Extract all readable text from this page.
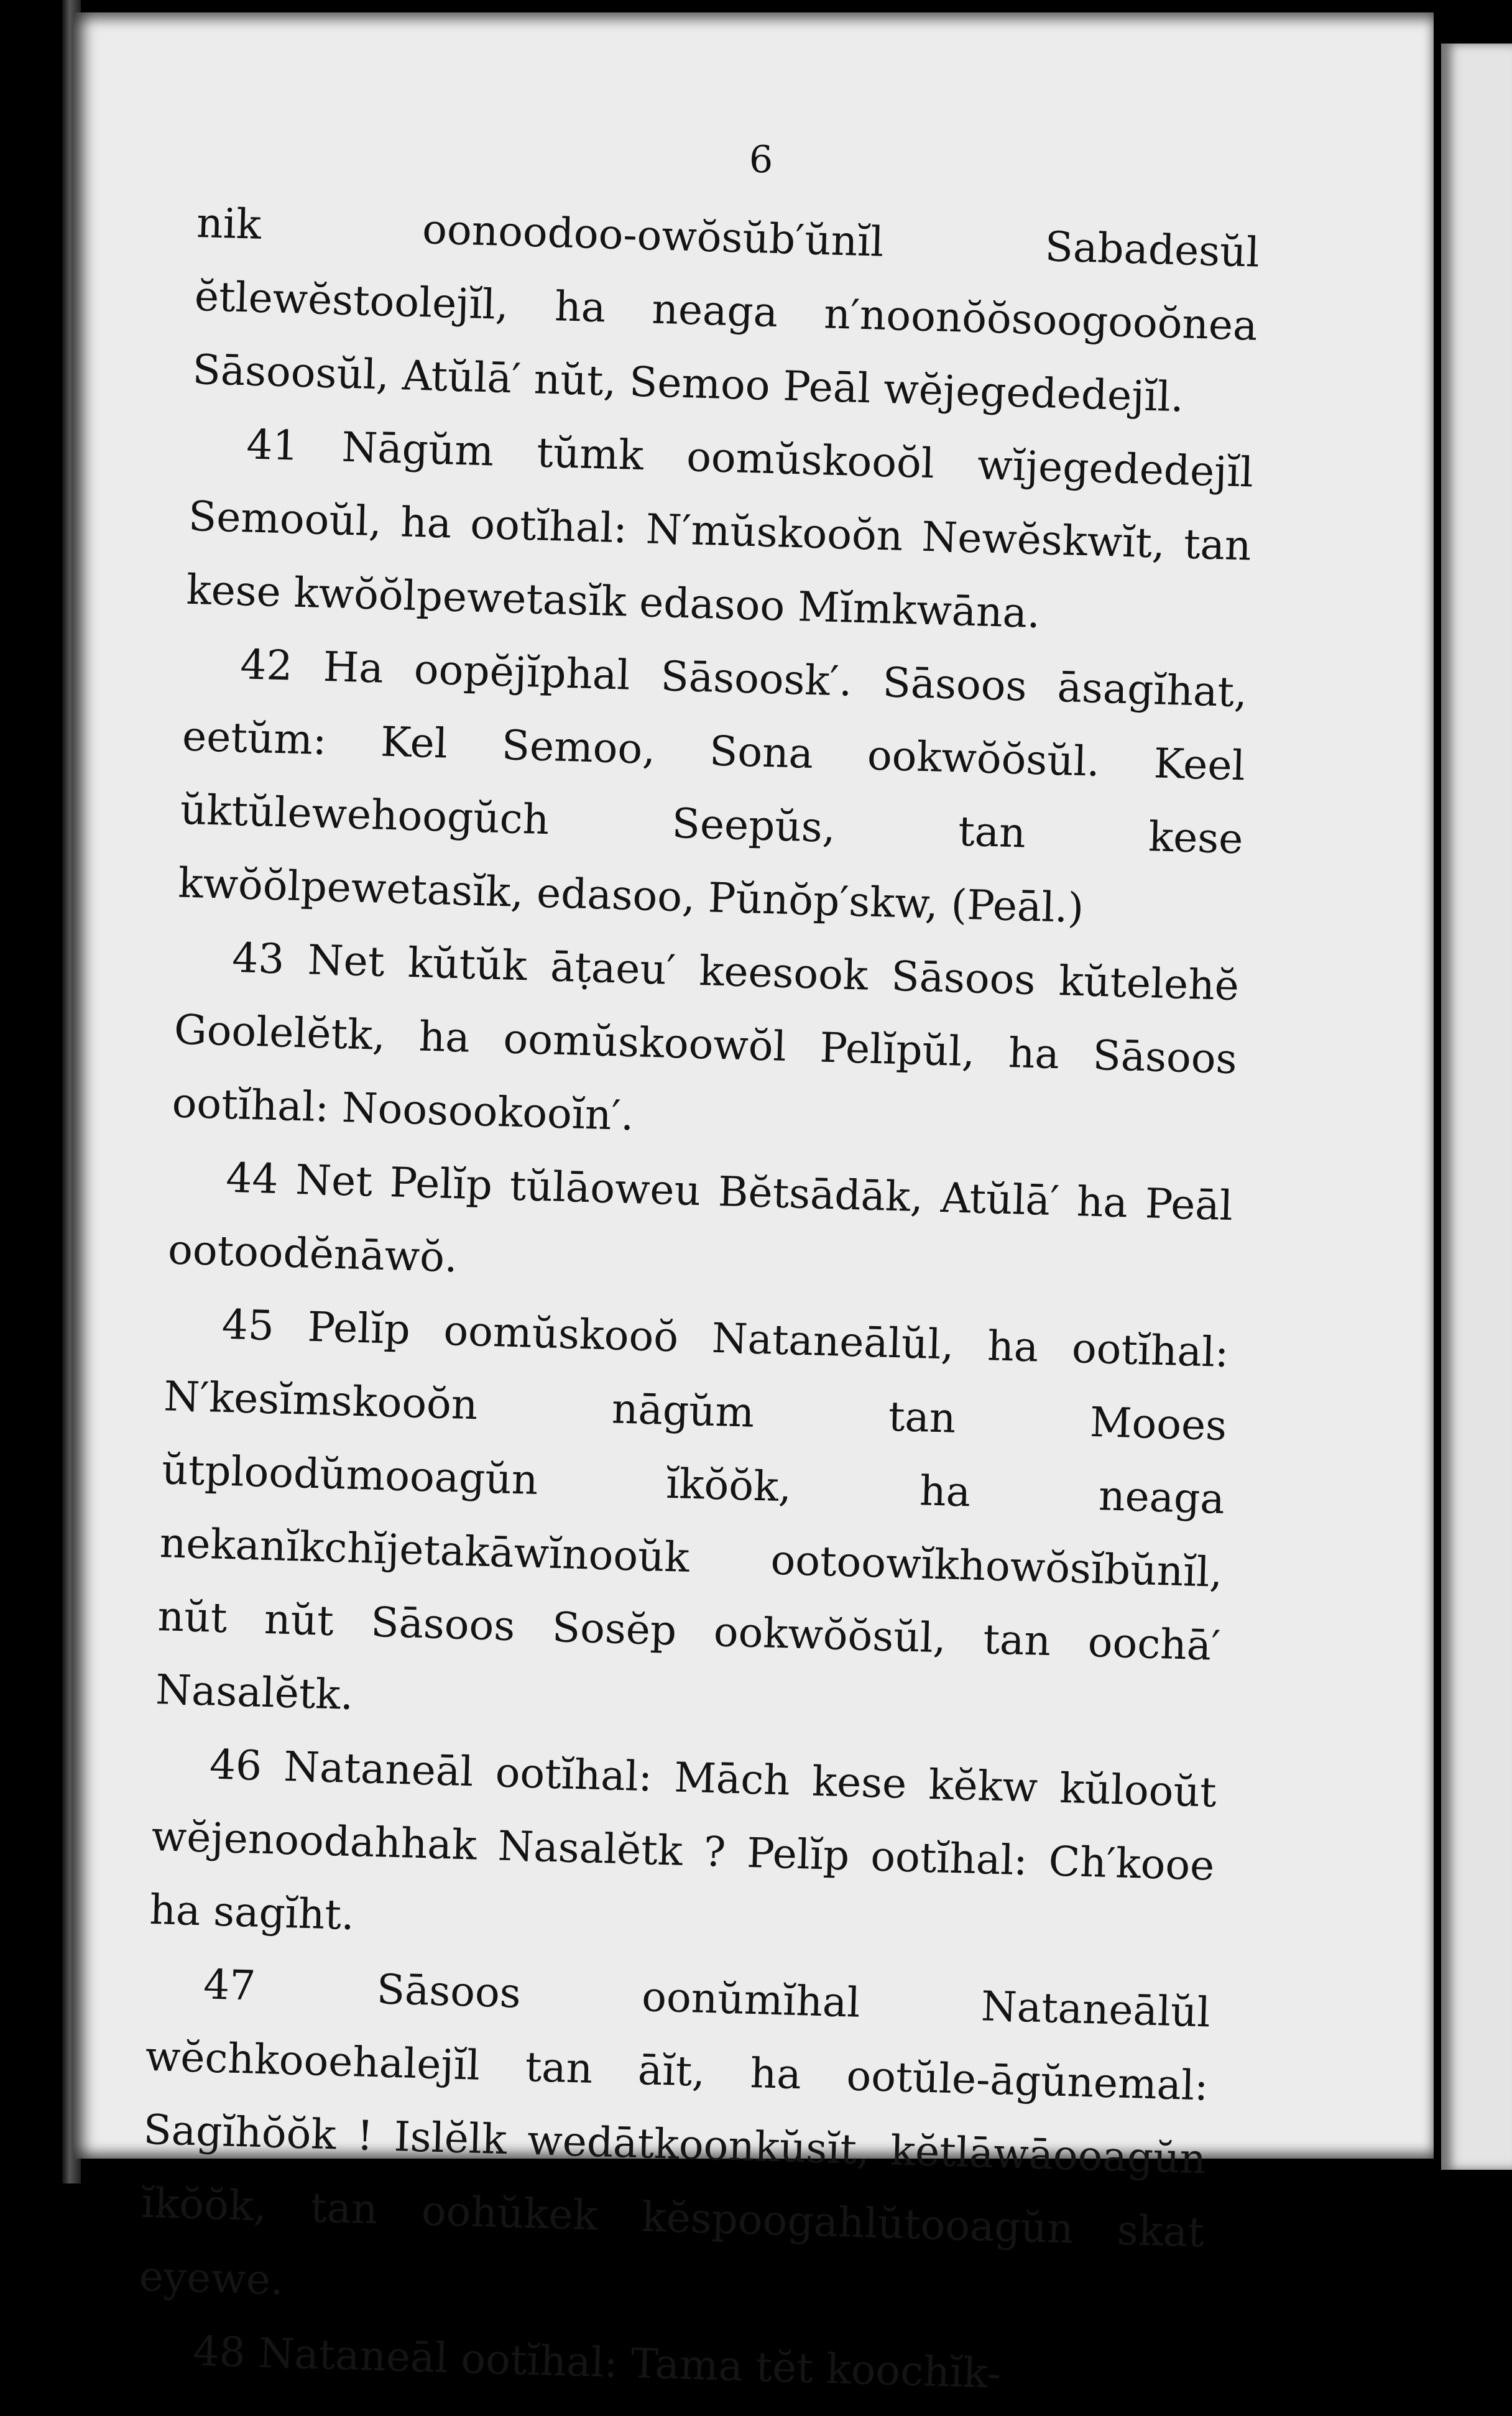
6

nik oonoodoo-owŏsŭb′ŭnĭl Sabadesŭl ĕtlewĕstoolejĭl, ha neaga n′noonŏŏsoogooŏnea Sāsoosŭl, Atŭlā′ nŭt, Semoo Peāl wĕjegededejĭl.

41 Nāgŭm tŭmk oomŭskooŏl wĭjegededejĭl Semooŭl, ha ootĭhal: N′mŭskooŏn Newĕskwĭt, tan kese kwŏŏlpewetasĭk edasoo Mĭmkwāna.

42 Ha oopĕjĭphal Sāsoosk′. Sāsoos āsagĭhat, eetŭm: Kel Semoo, Sona ookwŏŏsŭl. Keel ŭktŭlewehoogŭch Seepŭs, tan kese kwŏŏlpewetasĭk, edasoo, Pŭnŏp′skw, (Peāl.)

43 Net kŭtŭk āṭaeu′ keesook Sāsoos kŭtelehĕ Goolelĕtk, ha oomŭskoowŏl Pelĭpŭl, ha Sāsoos ootĭhal: Noosookooĭn′.

44 Net Pelĭp tŭlāoweu Bĕtsādāk, Atŭlā′ ha Peāl ootoodĕnāwŏ.

45 Pelĭp oomŭskooŏ Nataneālŭl, ha ootĭhal: N′kesĭmskooŏn nāgŭm tan Mooes ŭtploodŭmooagŭn ĭkŏŏk, ha neaga nekanĭkchĭjetakāwĭnooŭk ootoowĭkhowŏsĭbŭnĭl, nŭt nŭt Sāsoos Sosĕp ookwŏŏsŭl, tan oochā′ Nasalĕtk.

46 Nataneāl ootĭhal: Māch kese kĕkw kŭlooŭt wĕjenoodahhak Nasalĕtk ? Pelĭp ootĭhal: Ch′kooe ha sagĭht.

47	Sāsoos oonŭmĭhal Nataneālŭl wĕchkooehalejĭl tan āĭt, ha ootŭle-āgŭnemal: Sagĭhŏŏk ! Islĕlk wedātkoonkŭsĭt, kĕtlāwāooagŭn ĭkŏŏk, tan oohŭkek kĕspoogahlŭtooagŭn skat eyewe.

48 Nataneāl ootĭhal: Tama tĕt koochĭk-
